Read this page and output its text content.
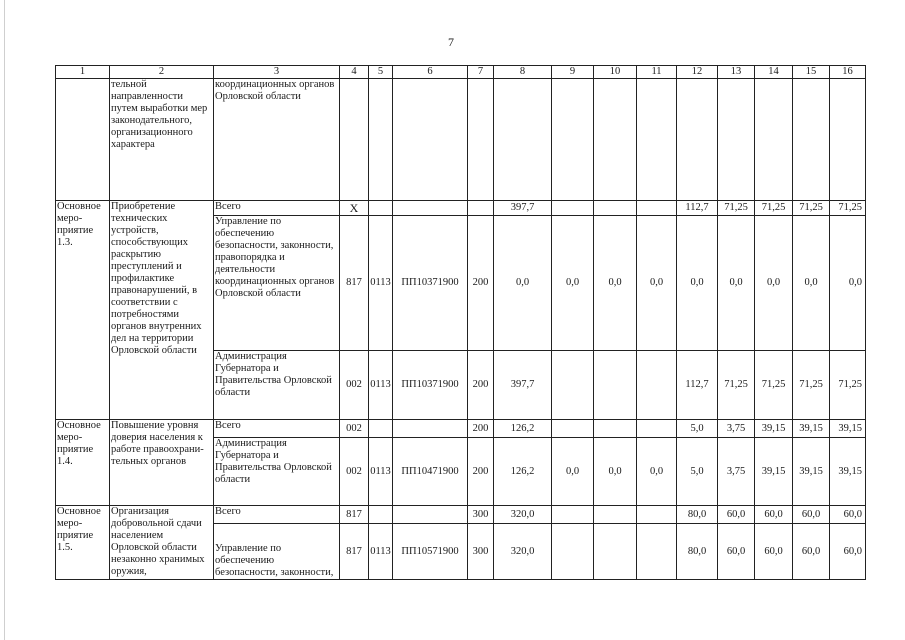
7
1	2	3	4	5	6	7	8	9	10	11	12	13	14	15	16
	тельной направленности путем выработки мер законодательного, организационного характера	координационных органов Орловской области													
Основное меро-приятие 1.3.	Приобретение технических устройств, способствующих раскрытию преступлений и профилактике правонарушений, в соответствии с потребностями органов внутренних дел на территории Орловской области	Всего	X				397,7				112,7	71,25	71,25	71,25	71,25
		Управление по обеспечению безопасности, законности, правопорядка и деятельности координационных органов Орловской области	817	0113	ПП10371900	200	0,0	0,0	0,0	0,0	0,0	0,0	0,0	0,0	0,0
		Администрация Губернатора и Правительства Орловской области	002	0113	ПП10371900	200	397,7				112,7	71,25	71,25	71,25	71,25
Основное меро-приятие 1.4.	Повышение уровня доверия населения к работе правоохрани-тельных органов	Всего	002			200	126,2				5,0	3,75	39,15	39,15	39,15
		Администрация Губернатора и Правительства Орловской области	002	0113	ПП10471900	200	126,2	0,0	0,0	0,0	5,0	3,75	39,15	39,15	39,15
Основное меро-приятие 1.5.	Организация добровольной сдачи населением Орловской области незаконно хранимых оружия,	Всего	817			300	320,0				80,0	60,0	60,0	60,0	60,0
		Управление по обеспечению безопасности, законности,	817	0113	ПП10571900	300	320,0				80,0	60,0	60,0	60,0	60,0
